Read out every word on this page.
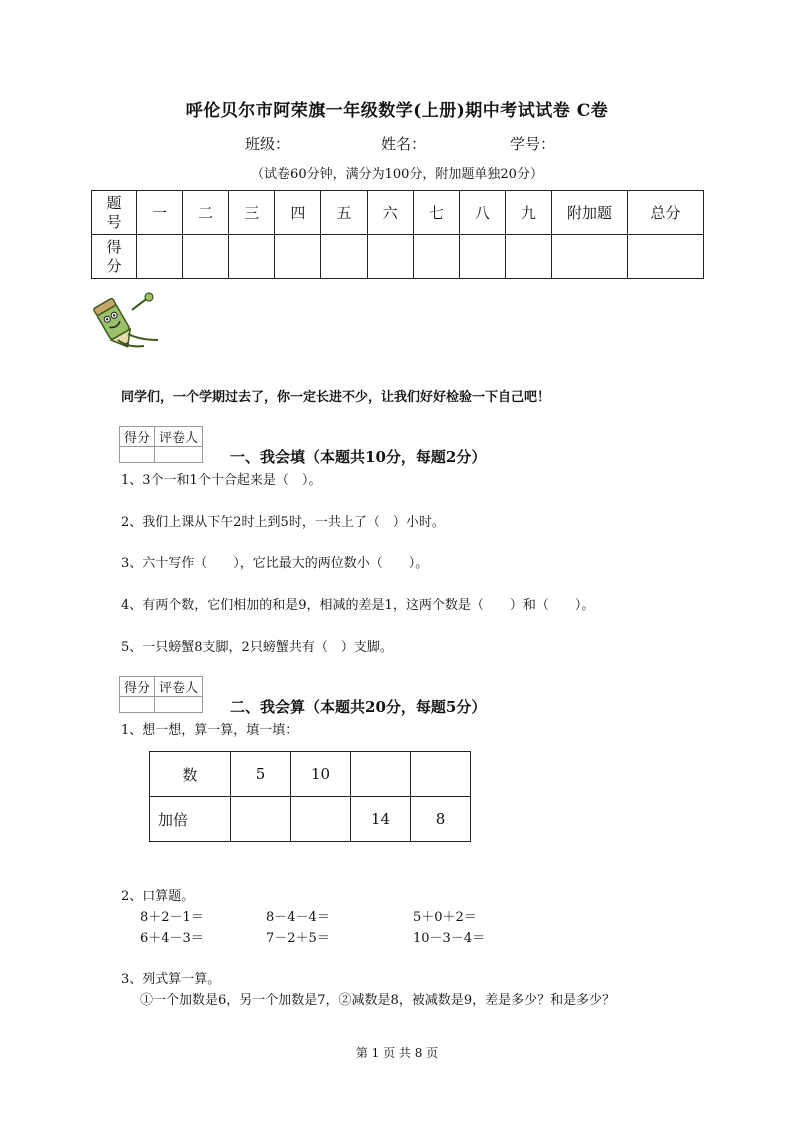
呼伦贝尔市阿荣旗一年级数学(上册)期中考试试卷 C卷
班级：	姓名：	学号：
（试卷60分钟，满分为100分，附加题单独20分）
题号	一	二	三	四	五	六	七	八	九	附加题	总分
得分											
同学们，一个学期过去了，你一定长进不少，让我们好好检验一下自己吧！
得分	评卷人

一、我会填（本题共10分，每题2分）
1、3个一和1个十合起来是（　）。
2、我们上课从下午2时上到5时，一共上了（　）小时。
3、六十写作（　　），它比最大的两位数小（　　）。
4、有两个数，它们相加的和是9，相减的差是1，这两个数是（　　）和（　　）。
5、一只螃蟹8支脚，2只螃蟹共有（　）支脚。
得分	评卷人

二、我会算（本题共20分，每题5分）
1、想一想，算一算，填一填：
数	5	10		
加倍			14	8
2、口算题。
8＋2－1＝	8－4－4＝	5＋0＋2＝
6＋4－3＝	7－2＋5＝	10－3－4＝
3、列式算一算。
①一个加数是6，另一个加数是7，②减数是8，被减数是9，差是多少？和是多少？
第 1 页 共 8 页
